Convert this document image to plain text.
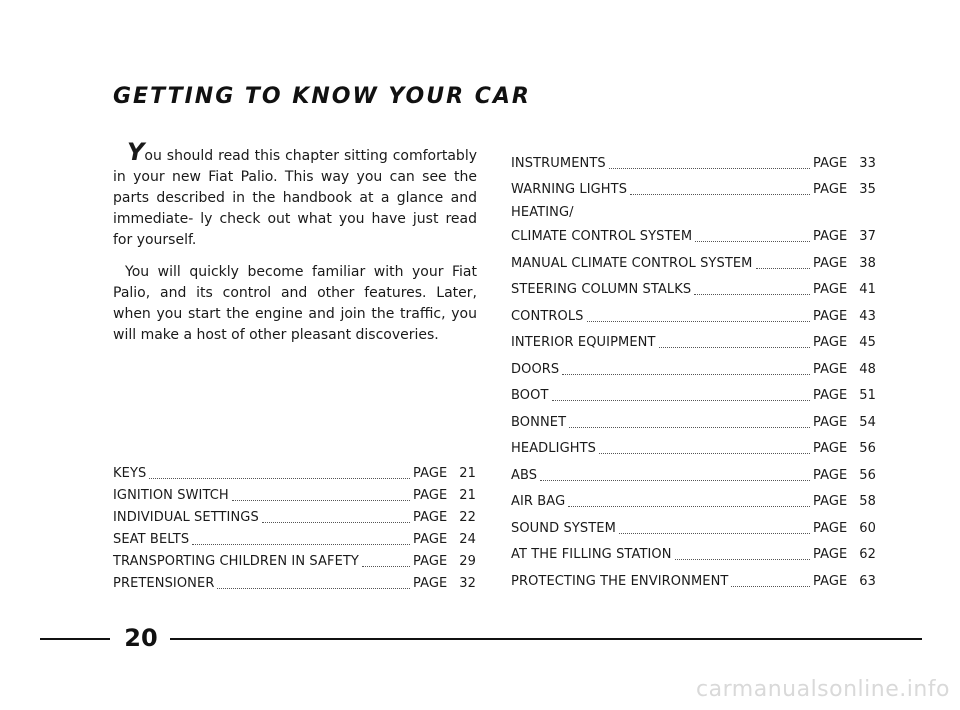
GETTING TO KNOW YOUR CAR

You should read this chapter sitting comfortably in your new Fiat Palio. This way you can see the parts described in the handbook at a glance and immediate- ly check out what you have just read for yourself.

You will quickly become familiar with your Fiat Palio, and its control and other features. Later, when you start the engine and join the traffic, you will make a host of other pleasant discoveries.

KEYS	PAGE 21
IGNITION SWITCH	PAGE 21
INDIVIDUAL SETTINGS	PAGE 22
SEAT BELTS	PAGE 24
TRANSPORTING CHILDREN IN SAFETY	PAGE 29
PRETENSIONER	PAGE 32
INSTRUMENTS	PAGE 33
WARNING LIGHTS	PAGE 35
HEATING/
CLIMATE CONTROL SYSTEM	PAGE 37
MANUAL CLIMATE CONTROL SYSTEM	PAGE 38
STEERING COLUMN STALKS	PAGE 41
CONTROLS	PAGE 43
INTERIOR EQUIPMENT	PAGE 45
DOORS	PAGE 48
BOOT	PAGE 51
BONNET	PAGE 54
HEADLIGHTS	PAGE 56
ABS	PAGE 56
AIR BAG	PAGE 58
SOUND SYSTEM	PAGE 60
AT THE FILLING STATION	PAGE 62
PROTECTING THE ENVIRONMENT	PAGE 63
20
carmanualsonline.info
